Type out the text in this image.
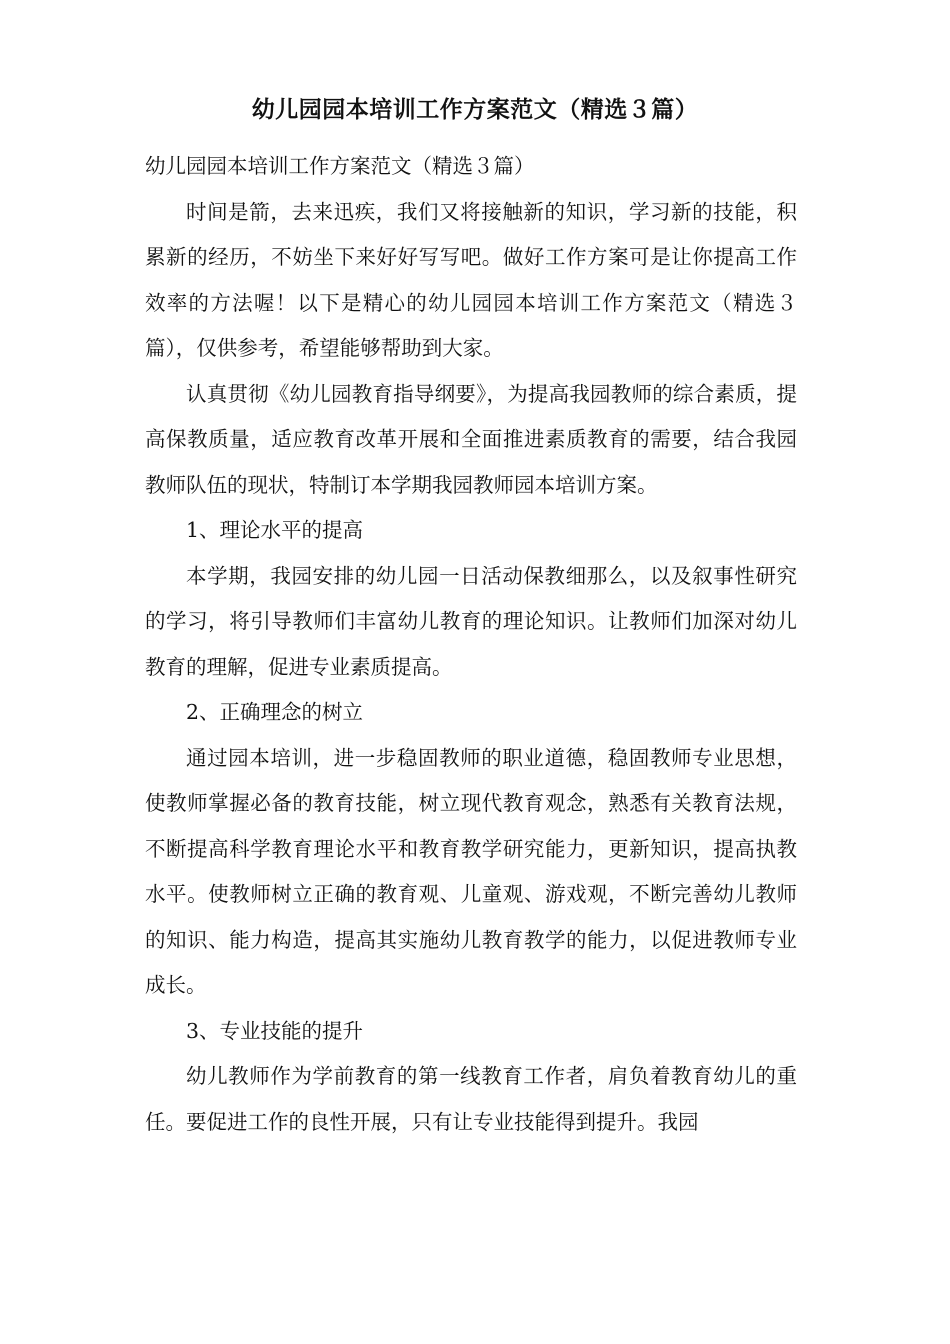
幼儿园园本培训工作方案范文（精选３篇）

幼儿园园本培训工作方案范文（精选３篇）

时间是箭，去来迅疾，我们又将接触新的知识，学习新的技能，积累新的经历，不妨坐下来好好写写吧。做好工作方案可是让你提高工作效率的方法喔！以下是精心的幼儿园园本培训工作方案范文（精选３篇），仅供参考，希望能够帮助到大家。

认真贯彻《幼儿园教育指导纲要》，为提高我园教师的综合素质，提高保教质量，适应教育改革开展和全面推进素质教育的需要，结合我园教师队伍的现状，特制订本学期我园教师园本培训方案。

1、理论水平的提高

本学期，我园安排的幼儿园一日活动保教细那么，以及叙事性研究的学习，将引导教师们丰富幼儿教育的理论知识。让教师们加深对幼儿教育的理解，促进专业素质提高。

2、正确理念的树立

通过园本培训，进一步稳固教师的职业道德，稳固教师专业思想，使教师掌握必备的教育技能，树立现代教育观念，熟悉有关教育法规，不断提高科学教育理论水平和教育教学研究能力，更新知识，提高执教水平。使教师树立正确的教育观、儿童观、游戏观，不断完善幼儿教师的知识、能力构造，提高其实施幼儿教育教学的能力，以促进教师专业成长。

3、专业技能的提升

幼儿教师作为学前教育的第一线教育工作者，肩负着教育幼儿的重任。要促进工作的良性开展，只有让专业技能得到提升。我园
